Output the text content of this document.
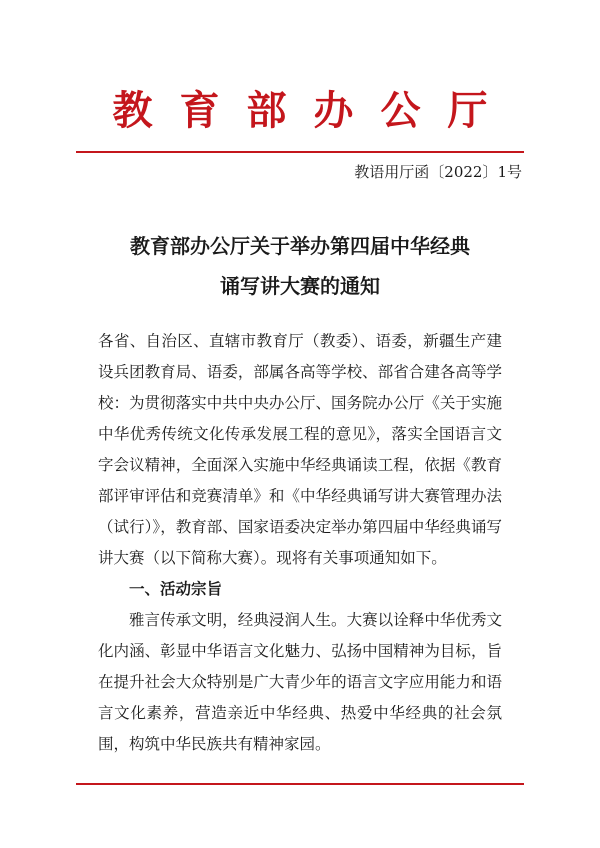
教育部办公厅
教语用厅函〔2022〕1号
教育部办公厅关于举办第四届中华经典
诵写讲大赛的通知
各省、自治区、直辖市教育厅（教委）、语委，新疆生产建设兵团教育局、语委，部属各高等学校、部省合建各高等学校： 为贯彻落实中共中央办公厅、国务院办公厅《关于实施中华优秀传统文化传承发展工程的意见》，落实全国语言文字会议精神，全面深入实施中华经典诵读工程，依据《教育部评审评估和竞赛清单》和《中华经典诵写讲大赛管理办法（试行）》，教育部、国家语委决定举办第四届中华经典诵写讲大赛（以下简称大赛）。现将有关事项通知如下。
一、活动宗旨
雅言传承文明，经典浸润人生。大赛以诠释中华优秀文化内涵、彰显中华语言文化魅力、弘扬中国精神为目标，旨在提升社会大众特别是广大青少年的语言文字应用能力和语言文化素养，营造亲近中华经典、热爱中华经典的社会氛围，构筑中华民族共有精神家园。
